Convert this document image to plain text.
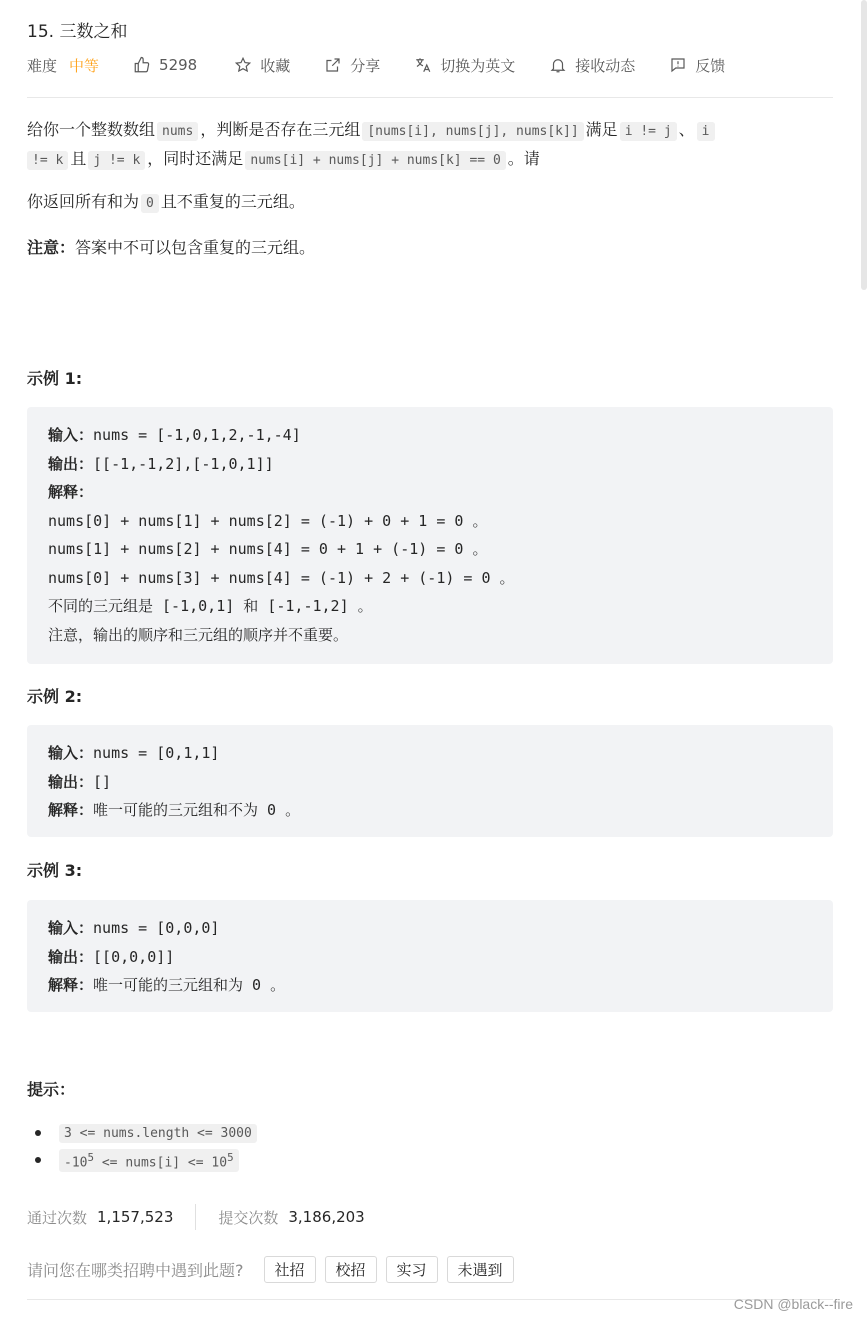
15. 三数之和
难度 中等	5298	收藏	分享	切换为英文	接收动态	反馈
给你一个整数数组 nums ，判断是否存在三元组 [nums[i], nums[j], nums[k]] 满足 i != j 、 i
!= k 且 j != k ，同时还满足 nums[i] + nums[j] + nums[k] == 0 。请
你返回所有和为 0 且不重复的三元组。
注意：答案中不可以包含重复的三元组。
示例 1:
输入：nums = [-1,0,1,2,-1,-4]
输出：[[-1,-1,2],[-1,0,1]]
解释：
nums[0] + nums[1] + nums[2] = (-1) + 0 + 1 = 0 。
nums[1] + nums[2] + nums[4] = 0 + 1 + (-1) = 0 。
nums[0] + nums[3] + nums[4] = (-1) + 2 + (-1) = 0 。
不同的三元组是 [-1,0,1] 和 [-1,-1,2] 。
注意，输出的顺序和三元组的顺序并不重要。
示例 2:
输入：nums = [0,1,1]
输出：[]
解释：唯一可能的三元组和不为 0 。
示例 3:
输入：nums = [0,0,0]
输出：[[0,0,0]]
解释：唯一可能的三元组和为 0 。
提示：
3 <= nums.length <= 3000
$-10^5$ <= nums[i] <= $10^5$
通过次数 1,157,523	提交次数 3,186,203
请问您在哪类招聘中遇到此题?	社招	校招	实习	未遇到
CSDN @black--fire
